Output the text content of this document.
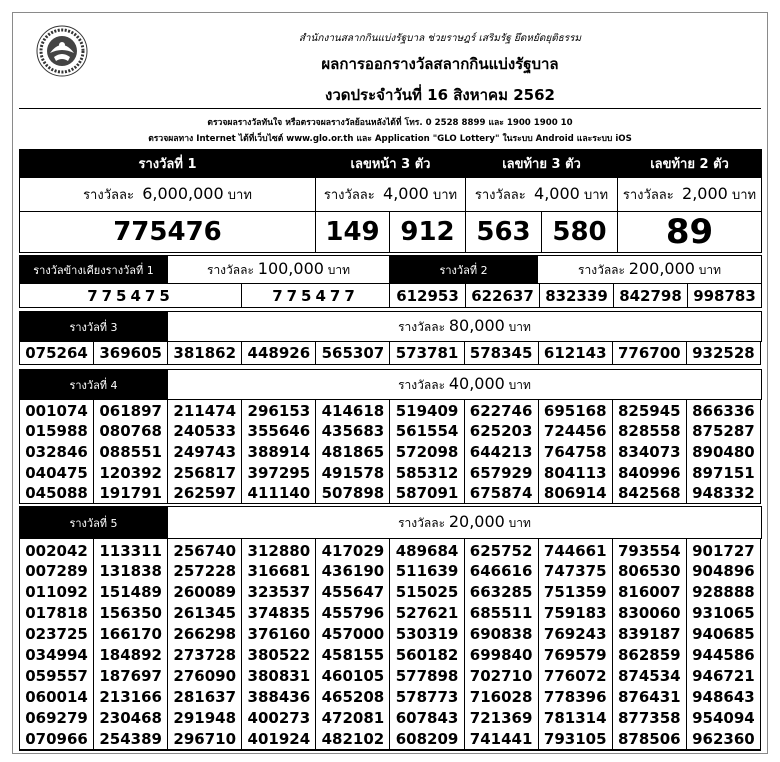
สำนักงานสลากกินแบ่งรัฐบาล ช่วยราษฎร์ เสริมรัฐ ยึดหยัดยุติธรรม
ผลการออกรางวัลสลากกินแบ่งรัฐบาล
งวดประจำวันที่ 16 สิงหาคม 2562
ตรวจผลรางวัลทันใจ หรือตรวจผลรางวัลย้อนหลังได้ที่ โทร. 0 2528 8899 และ 1900 1900 10
ตรวจผลทาง Internet ได้ที่เว็บไซต์ www.glo.or.th และ Application "GLO Lottery" ในระบบ Android และระบบ iOS
รางวัลที่ 1	เลขหน้า 3 ตัว		เลขท้าย 3 ตัว		เลขท้าย 2 ตัว
รางวัลละ 6,000,000 บาท	รางวัลละ 4,000 บาท		รางวัลละ 4,000 บาท		รางวัลละ 2,000 บาท
775476	149	912	563	580	89
รางวัลข้างเคียงรางวัลที่ 1	รางวัลละ 100,000 บาท	รางวัลที่ 2	รางวัลละ 200,000 บาท
775475	775477	612953	622637	832339	842798	998783
รางวัลที่ 3	รางวัลละ 80,000 บาท
075264	369605	381862	448926	565307	573781	578345	612143	776700	932528
รางวัลที่ 4	รางวัลละ 40,000 บาท
001074	061897	211474	296153	414618	519409	622746	695168	825945	866336
015988	080768	240533	355646	435683	561554	625203	724456	828558	875287
032846	088551	249743	388914	481865	572098	644213	764758	834073	890480
040475	120392	256817	397295	491578	585312	657929	804113	840996	897151
045088	191791	262597	411140	507898	587091	675874	806914	842568	948332
รางวัลที่ 5	รางวัลละ 20,000 บาท
002042	113311	256740	312880	417029	489684	625752	744661	793554	901727
007289	131838	257228	316681	436190	511639	646616	747375	806530	904896
011092	151489	260089	323537	455647	515025	663285	751359	816007	928888
017818	156350	261345	374835	455796	527621	685511	759183	830060	931065
023725	166170	266298	376160	457000	530319	690838	769243	839187	940685
034994	184892	273728	380522	458155	560182	699840	769579	862859	944586
059557	187697	276090	380831	460105	577898	702710	776072	874534	946721
060014	213166	281637	388436	465208	578773	716028	778396	876431	948643
069279	230468	291948	400273	472081	607843	721369	781314	877358	954094
070966	254389	296710	401924	482102	608209	741441	793105	878506	962360
